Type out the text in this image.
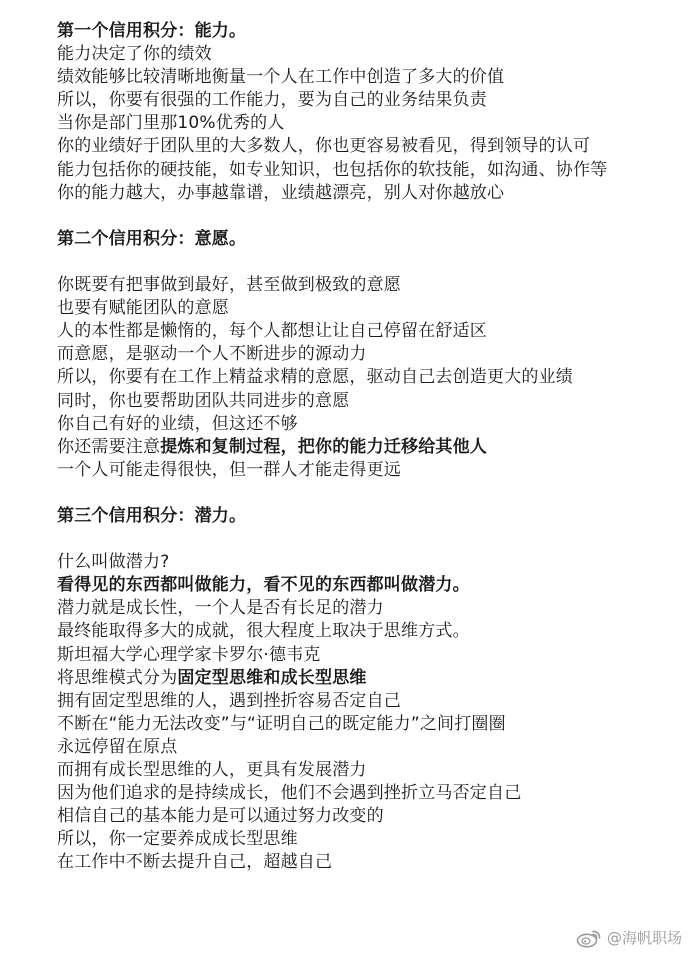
第一个信用积分：能力。
能力决定了你的绩效
绩效能够比较清晰地衡量一个人在工作中创造了多大的价值
所以，你要有很强的工作能力，要为自己的业务结果负责
当你是部门里那10%优秀的人
你的业绩好于团队里的大多数人，你也更容易被看见，得到领导的认可
能力包括你的硬技能，如专业知识，也包括你的软技能，如沟通、协作等
你的能力越大，办事越靠谱，业绩越漂亮，别人对你越放心
第二个信用积分：意愿。
你既要有把事做到最好，甚至做到极致的意愿
也要有赋能团队的意愿
人的本性都是懒惰的，每个人都想让让自己停留在舒适区
而意愿，是驱动一个人不断进步的源动力
所以，你要有在工作上精益求精的意愿，驱动自己去创造更大的业绩
同时，你也要帮助团队共同进步的意愿
你自己有好的业绩，但这还不够
你还需要注意提炼和复制过程，把你的能力迁移给其他人
一个人可能走得很快，但一群人才能走得更远
第三个信用积分：潜力。
什么叫做潜力?
看得见的东西都叫做能力，看不见的东西都叫做潜力。
潜力就是成长性，一个人是否有长足的潜力
最终能取得多大的成就，很大程度上取决于思维方式。
斯坦福大学心理学家卡罗尔·德韦克
将思维模式分为固定型思维和成长型思维
拥有固定型思维的人，遇到挫折容易否定自己
不断在“能力无法改变”与“证明自己的既定能力”之间打圈圈
永远停留在原点
而拥有成长型思维的人，更具有发展潜力
因为他们追求的是持续成长，他们不会遇到挫折立马否定自己
相信自己的基本能力是可以通过努力改变的
所以，你一定要养成成长型思维
在工作中不断去提升自己，超越自己
@海帆职场
